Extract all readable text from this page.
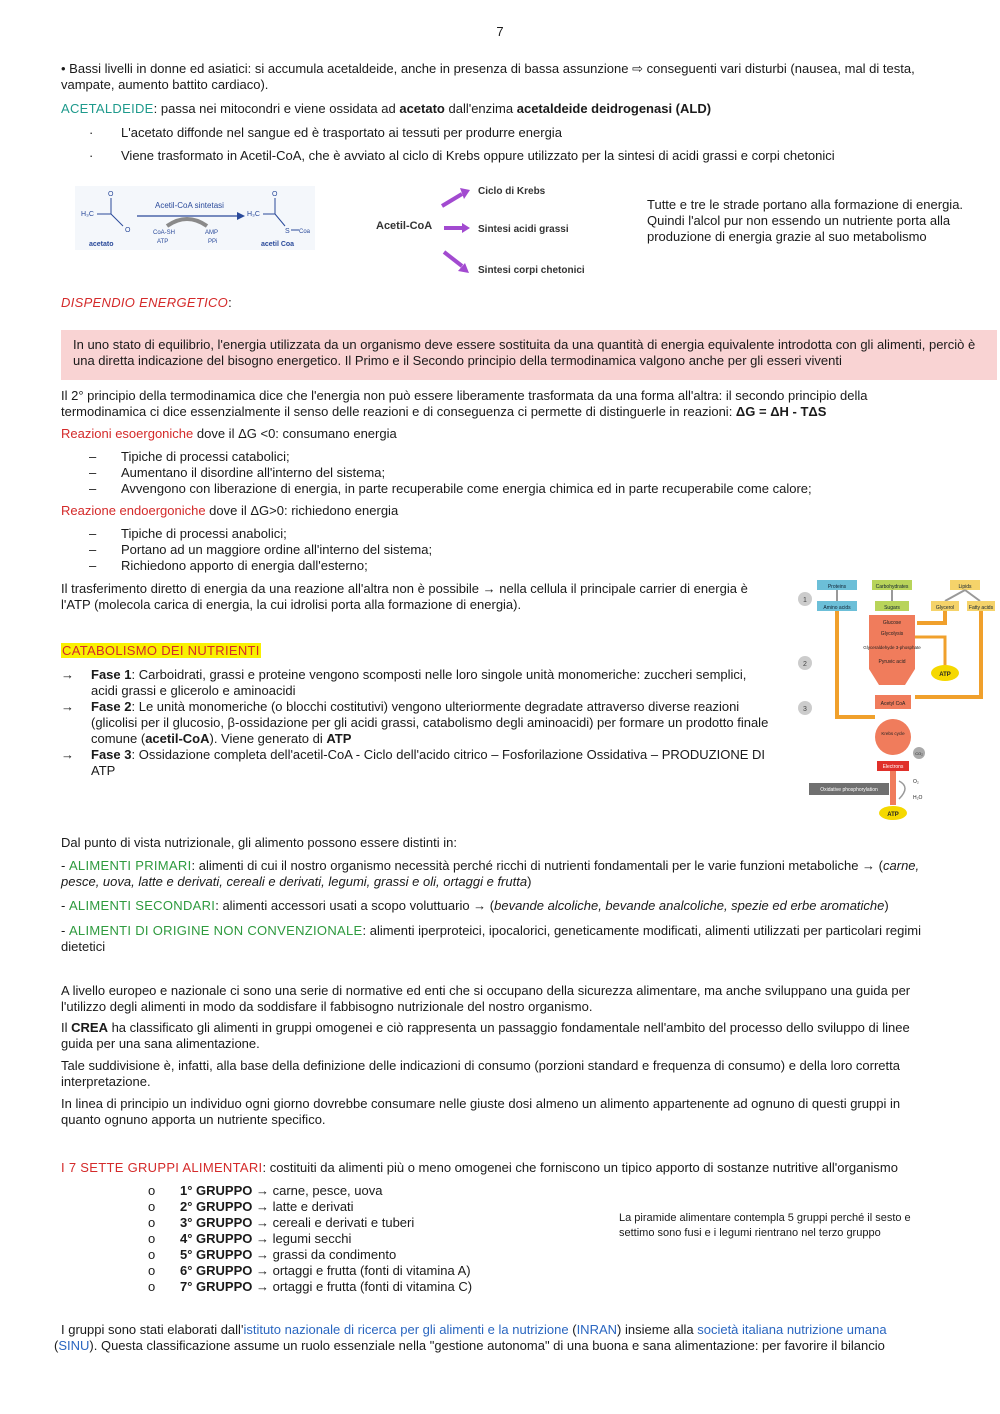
7

• Bassi livelli in donne ed asiatici: si accumula acetaldeide, anche in presenza di bassa assunzione ⇨ conseguenti vari disturbi (nausea, mal di testa, vampate, aumento battito cardiaco).

ACETALDEIDE: passa nei mitocondri e viene ossidata ad acetato dall'enzima acetaldeide deidrogenasi (ALD)

· L'acetato diffonde nel sangue ed è trasportato ai tessuti per produrre energia
· Viene trasformato in Acetil-CoA, che è avviato al ciclo di Krebs oppure utilizzato per la sintesi di acidi grassi e corpi chetonici
H₃C
O
O
acetato
Acetil-CoA sintetasi
CoA-SH
ATP
AMP
PPi
H₃C
O
S Coa
acetil Coa
Acetil-CoA
Ciclo di Krebs
Sintesi acidi grassi
Sintesi corpi chetonici

Tutte e tre le strade portano alla formazione di energia. Quindi l'alcol pur non essendo un nutriente porta alla produzione di energia grazie al suo metabolismo

DISPENDIO ENERGETICO:

In uno stato di equilibrio, l'energia utilizzata da un organismo deve essere sostituita da una quantità di energia equivalente introdotta con gli alimenti, perciò è una diretta indicazione del bisogno energetico. Il Primo e il Secondo principio della termodinamica valgono anche per gli esseri viventi

Il 2° principio della termodinamica dice che l'energia non può essere liberamente trasformata da una forma all'altra: il secondo principio della termodinamica ci dice essenzialmente il senso delle reazioni e di conseguenza ci permette di distinguerle in reazioni: ΔG = ΔH - TΔS

Reazioni esoergoniche dove il ΔG <0: consumano energia

– Tipiche di processi catabolici;
– Aumentano il disordine all'interno del sistema;
– Avvengono con liberazione di energia, in parte recuperabile come energia chimica ed in parte recuperabile come calore;

Reazione endoergoniche dove il ΔG>0: richiedono energia

– Tipiche di processi anabolici;
– Portano ad un maggiore ordine all'interno del sistema;
– Richiedono apporto di energia dall'esterno;

Il trasferimento diretto di energia da una reazione all'altra non è possibile → nella cellula il principale carrier di energia è l'ATP (molecola carica di energia, la cui idrolisi porta alla formazione di energia).

CATABOLISMO DEI NUTRIENTI

→ Fase 1: Carboidrati, grassi e proteine vengono scomposti nelle loro singole unità monomeriche: zuccheri semplici, acidi grassi e glicerolo e aminoacidi
→ Fase 2: Le unità monomeriche (o blocchi costitutivi) vengono ulteriormente degradate attraverso diverse reazioni (glicolisi per il glucosio, β-ossidazione per gli acidi grassi, catabolismo degli aminoacidi) per formare un prodotto finale comune (acetil-CoA). Viene generato di ATP
→ Fase 3: Ossidazione completa dell'acetil-CoA - Ciclo dell'acido citrico – Fosforilazione Ossidativa – PRODUZIONE DI ATP
Proteins	Carbohydrates	Lipids
Amino acids	Sugars	Glycerol	Fatty acids
Glucose
Glycolysis
Glyceraldehyde 3-phosphate
Pyruvic acid
ATP
Acetyl CoA
Krebs cycle
CO₂
Electrons
Oxidative phosphorylation
O₂
H₂O
ATP
1
2
3

Dal punto di vista nutrizionale, gli alimento possono essere distinti in:

- ALIMENTI PRIMARI: alimenti di cui il nostro organismo necessità perché ricchi di nutrienti fondamentali per le varie funzioni metaboliche → (carne, pesce, uova, latte e derivati, cereali e derivati, legumi, grassi e oli, ortaggi e frutta)

- ALIMENTI SECONDARI: alimenti accessori usati a scopo voluttuario → (bevande alcoliche, bevande analcoliche, spezie ed erbe aromatiche)

- ALIMENTI DI ORIGINE NON CONVENZIONALE: alimenti iperproteici, ipocalorici, geneticamente modificati, alimenti utilizzati per particolari regimi dietetici

A livello europeo e nazionale ci sono una serie di normative ed enti che si occupano della sicurezza alimentare, ma anche sviluppano una guida per l'utilizzo degli alimenti in modo da soddisfare il fabbisogno nutrizionale del nostro organismo.

Il CREA ha classificato gli alimenti in gruppi omogenei e ciò rappresenta un passaggio fondamentale nell'ambito del processo dello sviluppo di linee guida per una sana alimentazione.

Tale suddivisione è, infatti, alla base della definizione delle indicazioni di consumo (porzioni standard e frequenza di consumo) e della loro corretta interpretazione.

In linea di principio un individuo ogni giorno dovrebbe consumare nelle giuste dosi almeno un alimento appartenente ad ognuno di questi gruppi in quanto ognuno apporta un nutriente specifico.

I 7 SETTE GRUPPI ALIMENTARI: costituiti da alimenti più o meno omogenei che forniscono un tipico apporto di sostanze nutritive all'organismo

o 1° GRUPPO → carne, pesce, uova
o 2° GRUPPO → latte e derivati
o 3° GRUPPO → cereali e derivati e tuberi
o 4° GRUPPO → legumi secchi
o 5° GRUPPO → grassi da condimento
o 6° GRUPPO → ortaggi e frutta (fonti di vitamina A)
o 7° GRUPPO → ortaggi e frutta (fonti di vitamina C)

La piramide alimentare contempla 5 gruppi perché il sesto e settimo sono fusi e i legumi rientrano nel terzo gruppo

I gruppi sono stati elaborati dall'istituto nazionale di ricerca per gli alimenti e la nutrizione (INRAN) insieme alla società italiana nutrizione umana
(SINU). Questa classificazione assume un ruolo essenziale nella "gestione autonoma" di una buona e sana alimentazione: per favorire il bilancio
